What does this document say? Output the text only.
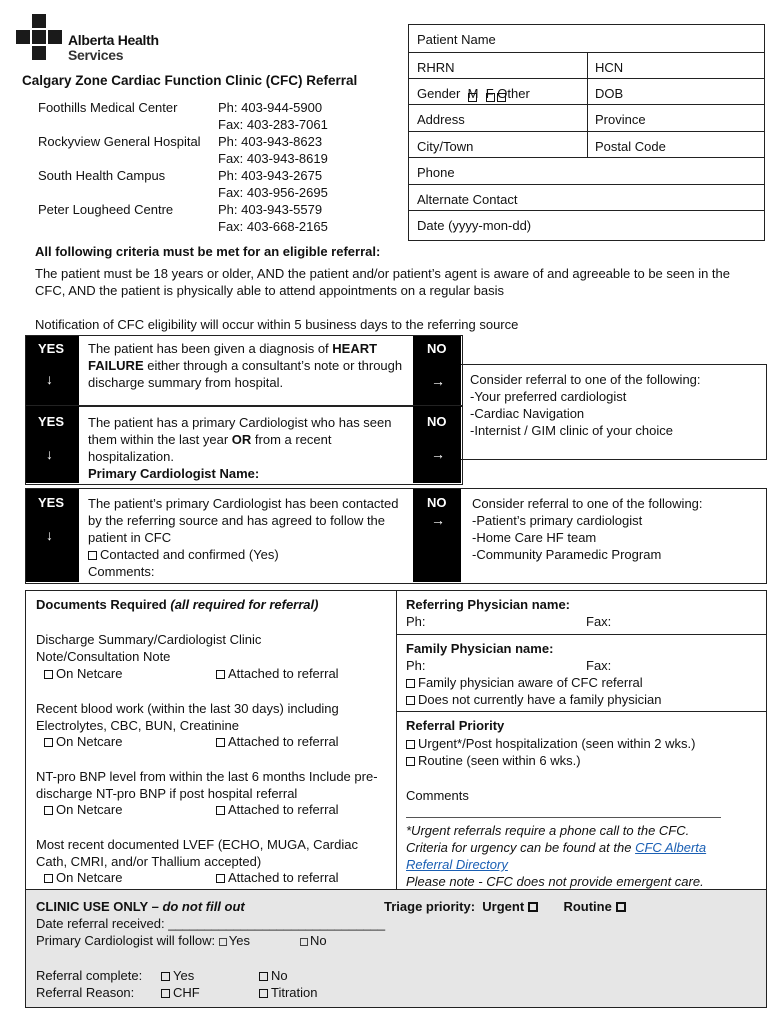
Alberta Health
Services
Calgary Zone Cardiac Function Clinic (CFC) Referral
Foothills Medical Center	Ph: 403-944-5900
	Fax: 403-283-7061
Rockyview General Hospital	Ph: 403-943-8623
	Fax: 403-943-8619
South Health Campus	Ph: 403-943-2675
	Fax: 403-956-2695
Peter Lougheed Centre	Ph: 403-943-5579
	Fax: 403-668-2165
Patient Name
RHRN	HCN
Gender M F Other	DOB
Address	Province
City/Town	Postal Code
Phone
Alternate Contact
Date (yyyy-mon-dd)
All following criteria must be met for an eligible referral:
The patient must be 18 years or older, AND the patient and/or patient’s agent is aware of and agreeable to be seen in the CFC, AND the patient is physically able to attend appointments on a regular basis
Notification of CFC eligibility will occur within 5 business days to the referring source
YES
↓
The patient has been given a diagnosis of HEART FAILURE either through a consultant’s note or through discharge summary from hospital.
NO
→
YES
↓
The patient has a primary Cardiologist who has seen them within the last year OR from a recent hospitalization.
Primary Cardiologist Name:
NO
→
Consider referral to one of the following:
-Your preferred cardiologist
-Cardiac Navigation
-Internist / GIM clinic of your choice
YES
↓
The patient’s primary Cardiologist has been contacted by the referring source and has agreed to follow the patient in CFC
Contacted and confirmed (Yes)
Comments:
NO
→
Consider referral to one of the following:
-Patient’s primary cardiologist
-Home Care HF team
-Community Paramedic Program
Documents Required (all required for referral)
Discharge Summary/Cardiologist Clinic Note/Consultation Note
On Netcare	Attached to referral
Recent blood work (within the last 30 days) including Electrolytes, CBC, BUN, Creatinine
On Netcare	Attached to referral
NT-pro BNP level from within the last 6 months Include pre-discharge NT-pro BNP if post hospital referral
On Netcare	Attached to referral
Most recent documented LVEF (ECHO, MUGA, Cardiac Cath, CMRI, and/or Thallium accepted)
On Netcare	Attached to referral
Referring Physician name:
Ph:	Fax:
Family Physician name:
Ph:	Fax:
Family physician aware of CFC referral
Does not currently have a family physician
Referral Priority
Urgent*/Post hospitalization (seen within 2 wks.)
Routine (seen within 6 wks.)
Comments
*Urgent referrals require a phone call to the CFC.
Criteria for urgency can be found at the CFC Alberta Referral Directory
Please note - CFC does not provide emergent care.
CLINIC USE ONLY – do not fill out	Triage priority: Urgent	Routine
Date referral received: ______________________________
Primary Cardiologist will follow: Yes	No
Referral complete:	Yes	No
Referral Reason:	CHF	Titration
